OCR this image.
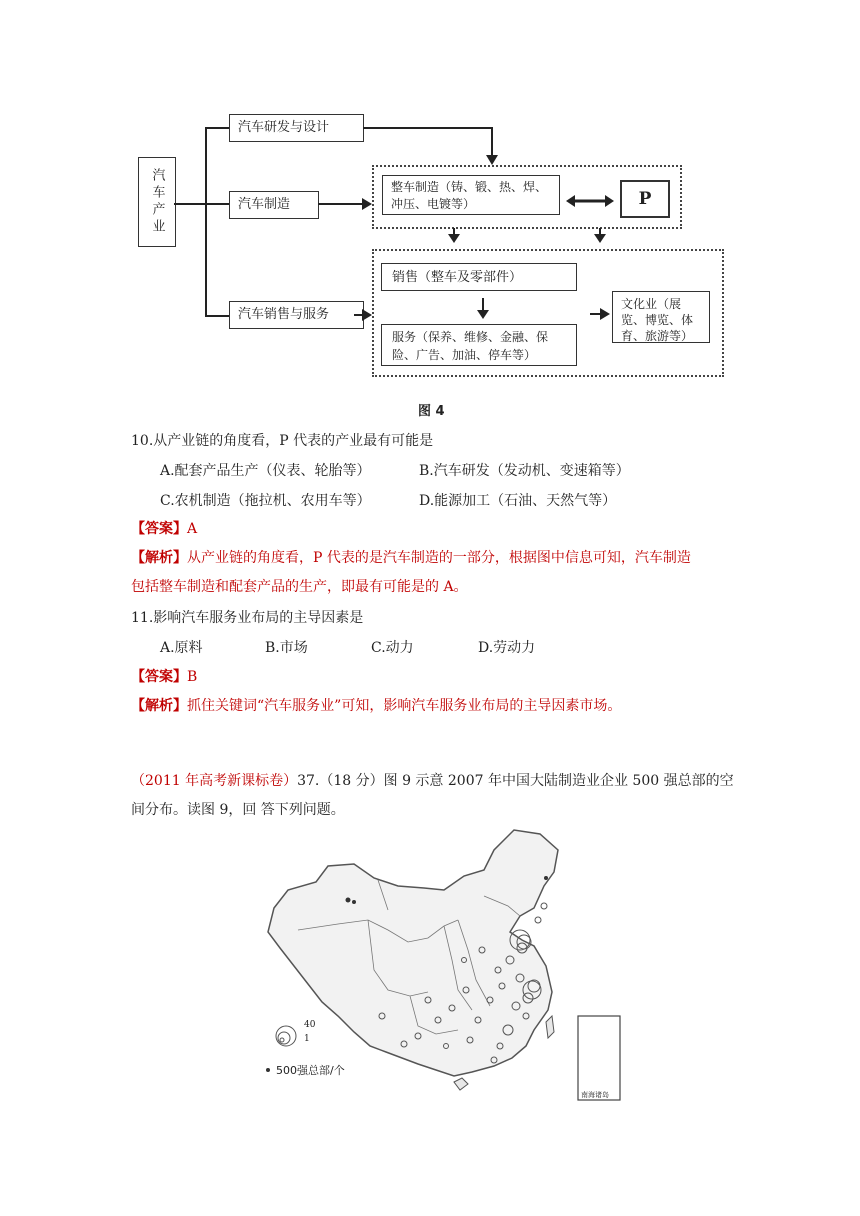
汽车产业
汽车研发与设计
汽车制造
汽车销售与服务
整车制造（铸、锻、热、焊、冲压、电镀等）	P
销售（整车及零部件）
服务（保养、维修、金融、保险、广告、加油、停车等）
文化业（展览、博览、体育、旅游等）
图 4
10.从产业链的角度看，P 代表的产业最有可能是
A.配套产品生产（仪表、轮胎等）	B.汽车研发（发动机、变速箱等）
C.农机制造（拖拉机、农用车等）	D.能源加工（石油、天然气等）
【答案】A
【解析】从产业链的角度看，P 代表的是汽车制造的一部分，根据图中信息可知，汽车制造
包括整车制造和配套产品的生产，即最有可能是的 A。
11.影响汽车服务业布局的主导因素是
A.原料	B.市场	C.动力	D.劳动力
【答案】B
【解析】抓住关键词“汽车服务业”可知，影响汽车服务业布局的主导因素市场。
（2011 年高考新课标卷）37.（18 分）图 9 示意 2007 年中国大陆制造业企业 500 强总部的空
间分布。读图 9，回 答下列问题。
40
1
500强总部/个
南海诸岛
